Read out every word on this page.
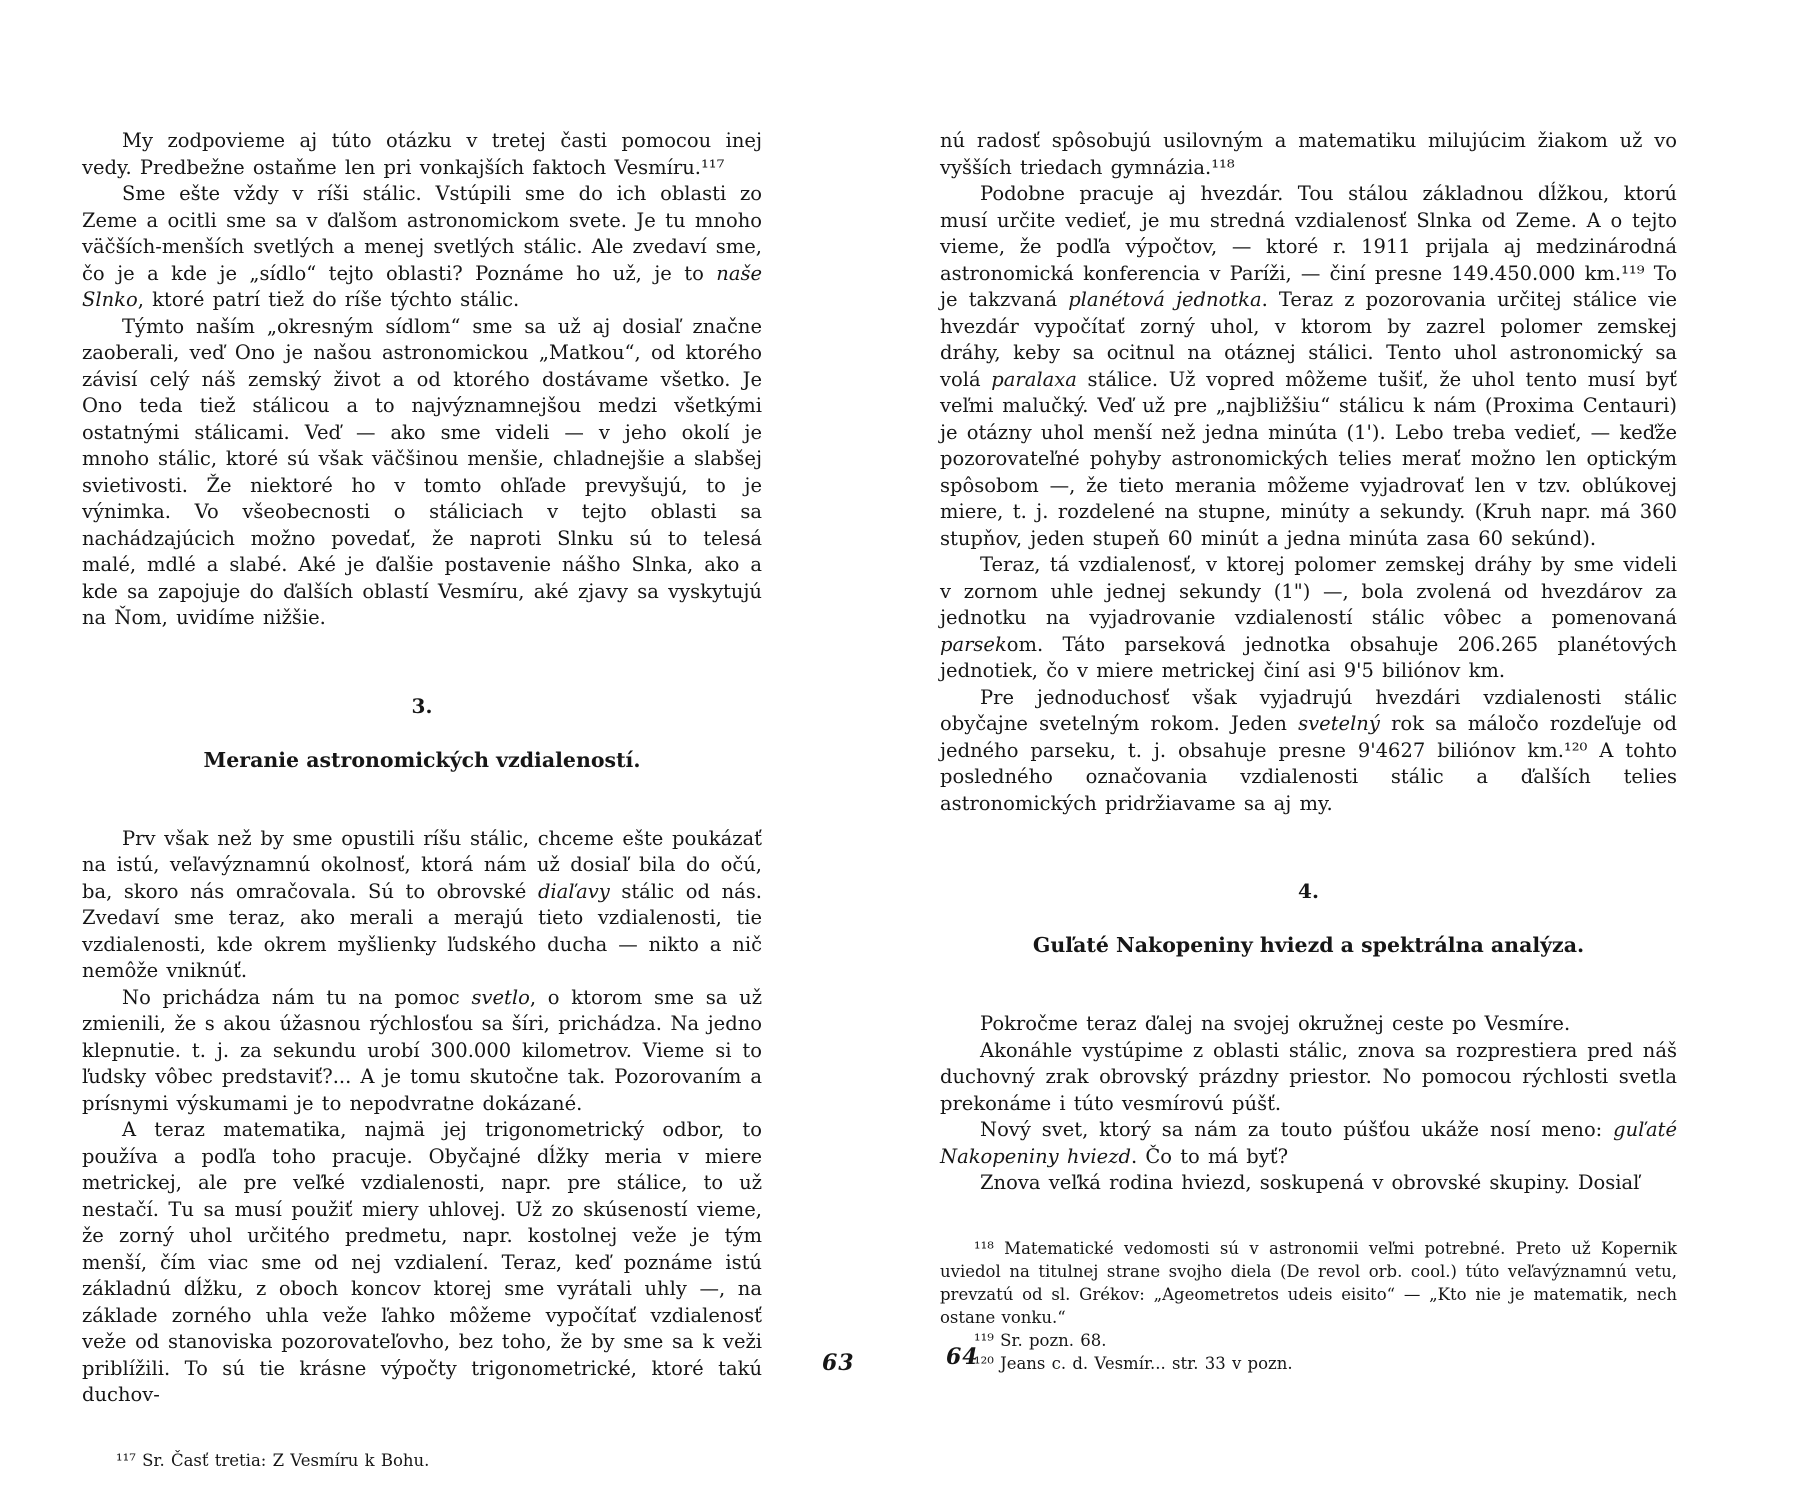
My zodpovieme aj túto otázku v tretej časti pomocou inej vedy. Predbežne ostaňme len pri vonkajších faktoch Vesmíru.¹¹⁷

Sme ešte vždy v ríši stálic. Vstúpili sme do ich oblasti zo Zeme a ocitli sme sa v ďalšom astronomickom svete. Je tu mnoho väčších-menších svetlých a menej svetlých stálic. Ale zvedaví sme, čo je a kde je „sídlo“ tejto oblasti? Poznáme ho už, je to naše Slnko, ktoré patrí tiež do ríše týchto stálic.

Týmto naším „okresným sídlom“ sme sa už aj dosiaľ značne zaoberali, veď Ono je našou astronomickou „Matkou“, od ktorého závisí celý náš zemský život a od ktorého dostávame všetko. Je Ono teda tiež stálicou a to najvýznamnejšou medzi všetkými ostatnými stálicami. Veď — ako sme videli — v jeho okolí je mnoho stálic, ktoré sú však väčšinou menšie, chladnejšie a slabšej svietivosti. Že niektoré ho v tomto ohľade prevyšujú, to je výnimka. Vo všeobecnosti o stáliciach v tejto oblasti sa nachádzajúcich možno povedať, že naproti Slnku sú to telesá malé, mdlé a slabé. Aké je ďalšie postavenie nášho Slnka, ako a kde sa zapojuje do ďalších oblastí Vesmíru, aké zjavy sa vyskytujú na Ňom, uvidíme nižšie.

3.
Meranie astronomických vzdialeností.

Prv však než by sme opustili ríšu stálic, chceme ešte poukázať na istú, veľavýznamnú okolnosť, ktorá nám už dosiaľ bila do očú, ba, skoro nás omračovala. Sú to obrovské diaľavy stálic od nás. Zvedaví sme teraz, ako merali a merajú tieto vzdialenosti, tie vzdialenosti, kde okrem myšlienky ľudského ducha — nikto a nič nemôže vniknúť.

No prichádza nám tu na pomoc svetlo, o ktorom sme sa už zmienili, že s akou úžasnou rýchlosťou sa šíri, prichádza. Na jedno klepnutie. t. j. za sekundu urobí 300.000 kilometrov. Vieme si to ľudsky vôbec predstaviť?... A je tomu skutočne tak. Pozorovaním a prísnymi výskumami je to nepodvratne dokázané.

A teraz matematika, najmä jej trigonometrický odbor, to používa a podľa toho pracuje. Obyčajné dĺžky meria v miere metrickej, ale pre veľké vzdialenosti, napr. pre stálice, to už nestačí. Tu sa musí použiť miery uhlovej. Už zo skúseností vieme, že zorný uhol určitého predmetu, napr. kostolnej veže je tým menší, čím viac sme od nej vzdialení. Teraz, keď poznáme istú základnú dĺžku, z oboch koncov ktorej sme vyrátali uhly —, na základe zorného uhla veže ľahko môžeme vypočítať vzdialenosť veže od stanoviska pozorovateľovho, bez toho, že by sme sa k veži priblížili. To sú tie krásne výpočty trigonometrické, ktoré takú duchov-

¹¹⁷ Sr. Časť tretia: Z Vesmíru k Bohu.

nú radosť spôsobujú usilovným a matematiku milujúcim žiakom už vo vyšších triedach gymnázia.¹¹⁸

Podobne pracuje aj hvezdár. Tou stálou základnou dĺžkou, ktorú musí určite vedieť, je mu stredná vzdialenosť Slnka od Zeme. A o tejto vieme, že podľa výpočtov, — ktoré r. 1911 prijala aj medzinárodná astronomická konferencia v Paríži, — činí presne 149.450.000 km.¹¹⁹ To je takzvaná planétová jednotka. Teraz z pozorovania určitej stálice vie hvezdár vypočítať zorný uhol, v ktorom by zazrel polomer zemskej dráhy, keby sa ocitnul na otáznej stálici. Tento uhol astronomický sa volá paralaxa stálice. Už vopred môžeme tušiť, že uhol tento musí byť veľmi malučký. Veď už pre „najbližšiu“ stálicu k nám (Proxima Centauri) je otázny uhol menší než jedna minúta (1'). Lebo treba vedieť, — keďže pozorovateľné pohyby astronomických telies merať možno len optickým spôsobom —, že tieto merania môžeme vyjadrovať len v tzv. oblúkovej miere, t. j. rozdelené na stupne, minúty a sekundy. (Kruh napr. má 360 stupňov, jeden stupeň 60 minút a jedna minúta zasa 60 sekúnd).

Teraz, tá vzdialenosť, v ktorej polomer zemskej dráhy by sme videli v zornom uhle jednej sekundy (1") —, bola zvolená od hvezdárov za jednotku na vyjadrovanie vzdialeností stálic vôbec a pomenovaná parsekom. Táto parseková jednotka obsahuje 206.265 planétových jednotiek, čo v miere metrickej činí asi 9'5 biliónov km.

Pre jednoduchosť však vyjadrujú hvezdári vzdialenosti stálic obyčajne svetelným rokom. Jeden svetelný rok sa máločo rozdeľuje od jedného parseku, t. j. obsahuje presne 9'4627 biliónov km.¹²⁰ A tohto posledného označovania vzdialenosti stálic a ďalších telies astronomických pridržiavame sa aj my.

4.
Guľaté Nakopeniny hviezd a spektrálna analýza.

Pokročme teraz ďalej na svojej okružnej ceste po Vesmíre.

Akonáhle vystúpime z oblasti stálic, znova sa rozprestiera pred náš duchovný zrak obrovský prázdny priestor. No pomocou rýchlosti svetla prekonáme i túto vesmírovú púšť.

Nový svet, ktorý sa nám za touto púšťou ukáže nosí meno: guľaté Nakopeniny hviezd. Čo to má byť?

Znova veľká rodina hviezd, soskupená v obrovské skupiny. Dosiaľ

¹¹⁸ Matematické vedomosti sú v astronomii veľmi potrebné. Preto už Kopernik uviedol na titulnej strane svojho diela (De revol orb. cool.) túto veľavýznamnú vetu, prevzatú od sl. Grékov: „Ageometretos udeis eisito“ — „Kto nie je matematik, nech ostane vonku.“
¹¹⁹ Sr. pozn. 68.
¹²⁰ Jeans c. d. Vesmír... str. 33 v pozn.
63	64
